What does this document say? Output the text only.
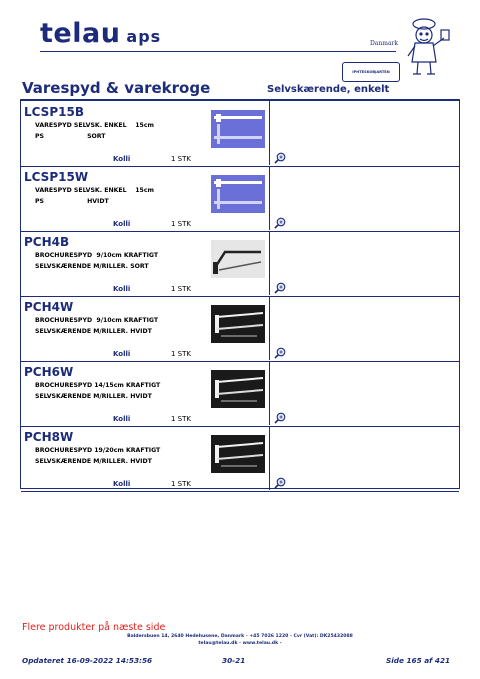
telau aps	Danmark
IPHTESKOBJARTEN
Varespyd & varekroge	Selvskærende, enkelt
LCSP15B
VARESPYD SELVSK. ENKEL    15cm
PS                    SORT
Kolli	1 STK
LCSP15W
VARESPYD SELVSK. ENKEL    15cm
PS                    HVIDT
Kolli	1 STK
PCH4B
BROCHURESPYD  9/10cm KRAFTIGT
SELVSKÆRENDE M/RILLER. SORT
Kolli	1 STK
PCH4W
BROCHURESPYD  9/10cm KRAFTIGT
SELVSKÆRENDE M/RILLER. HVIDT
Kolli	1 STK
PCH6W
BROCHURESPYD 14/15cm KRAFTIGT
SELVSKÆRENDE M/RILLER. HVIDT
Kolli	1 STK
PCH8W
BROCHURESPYD 19/20cm KRAFTIGT
SELVSKÆRENDE M/RILLER. HVIDT
Kolli	1 STK
Flere produkter på næste side
Baldersbuen 14, 2640 Hedehusene, Danmark - +45 7026 1220 - Cvr (Vat): DK25432088
telau@telau.dk - www.telau.dk -
Opdateret 16-09-2022 14:53:56	30-21	Side 165 af 421
